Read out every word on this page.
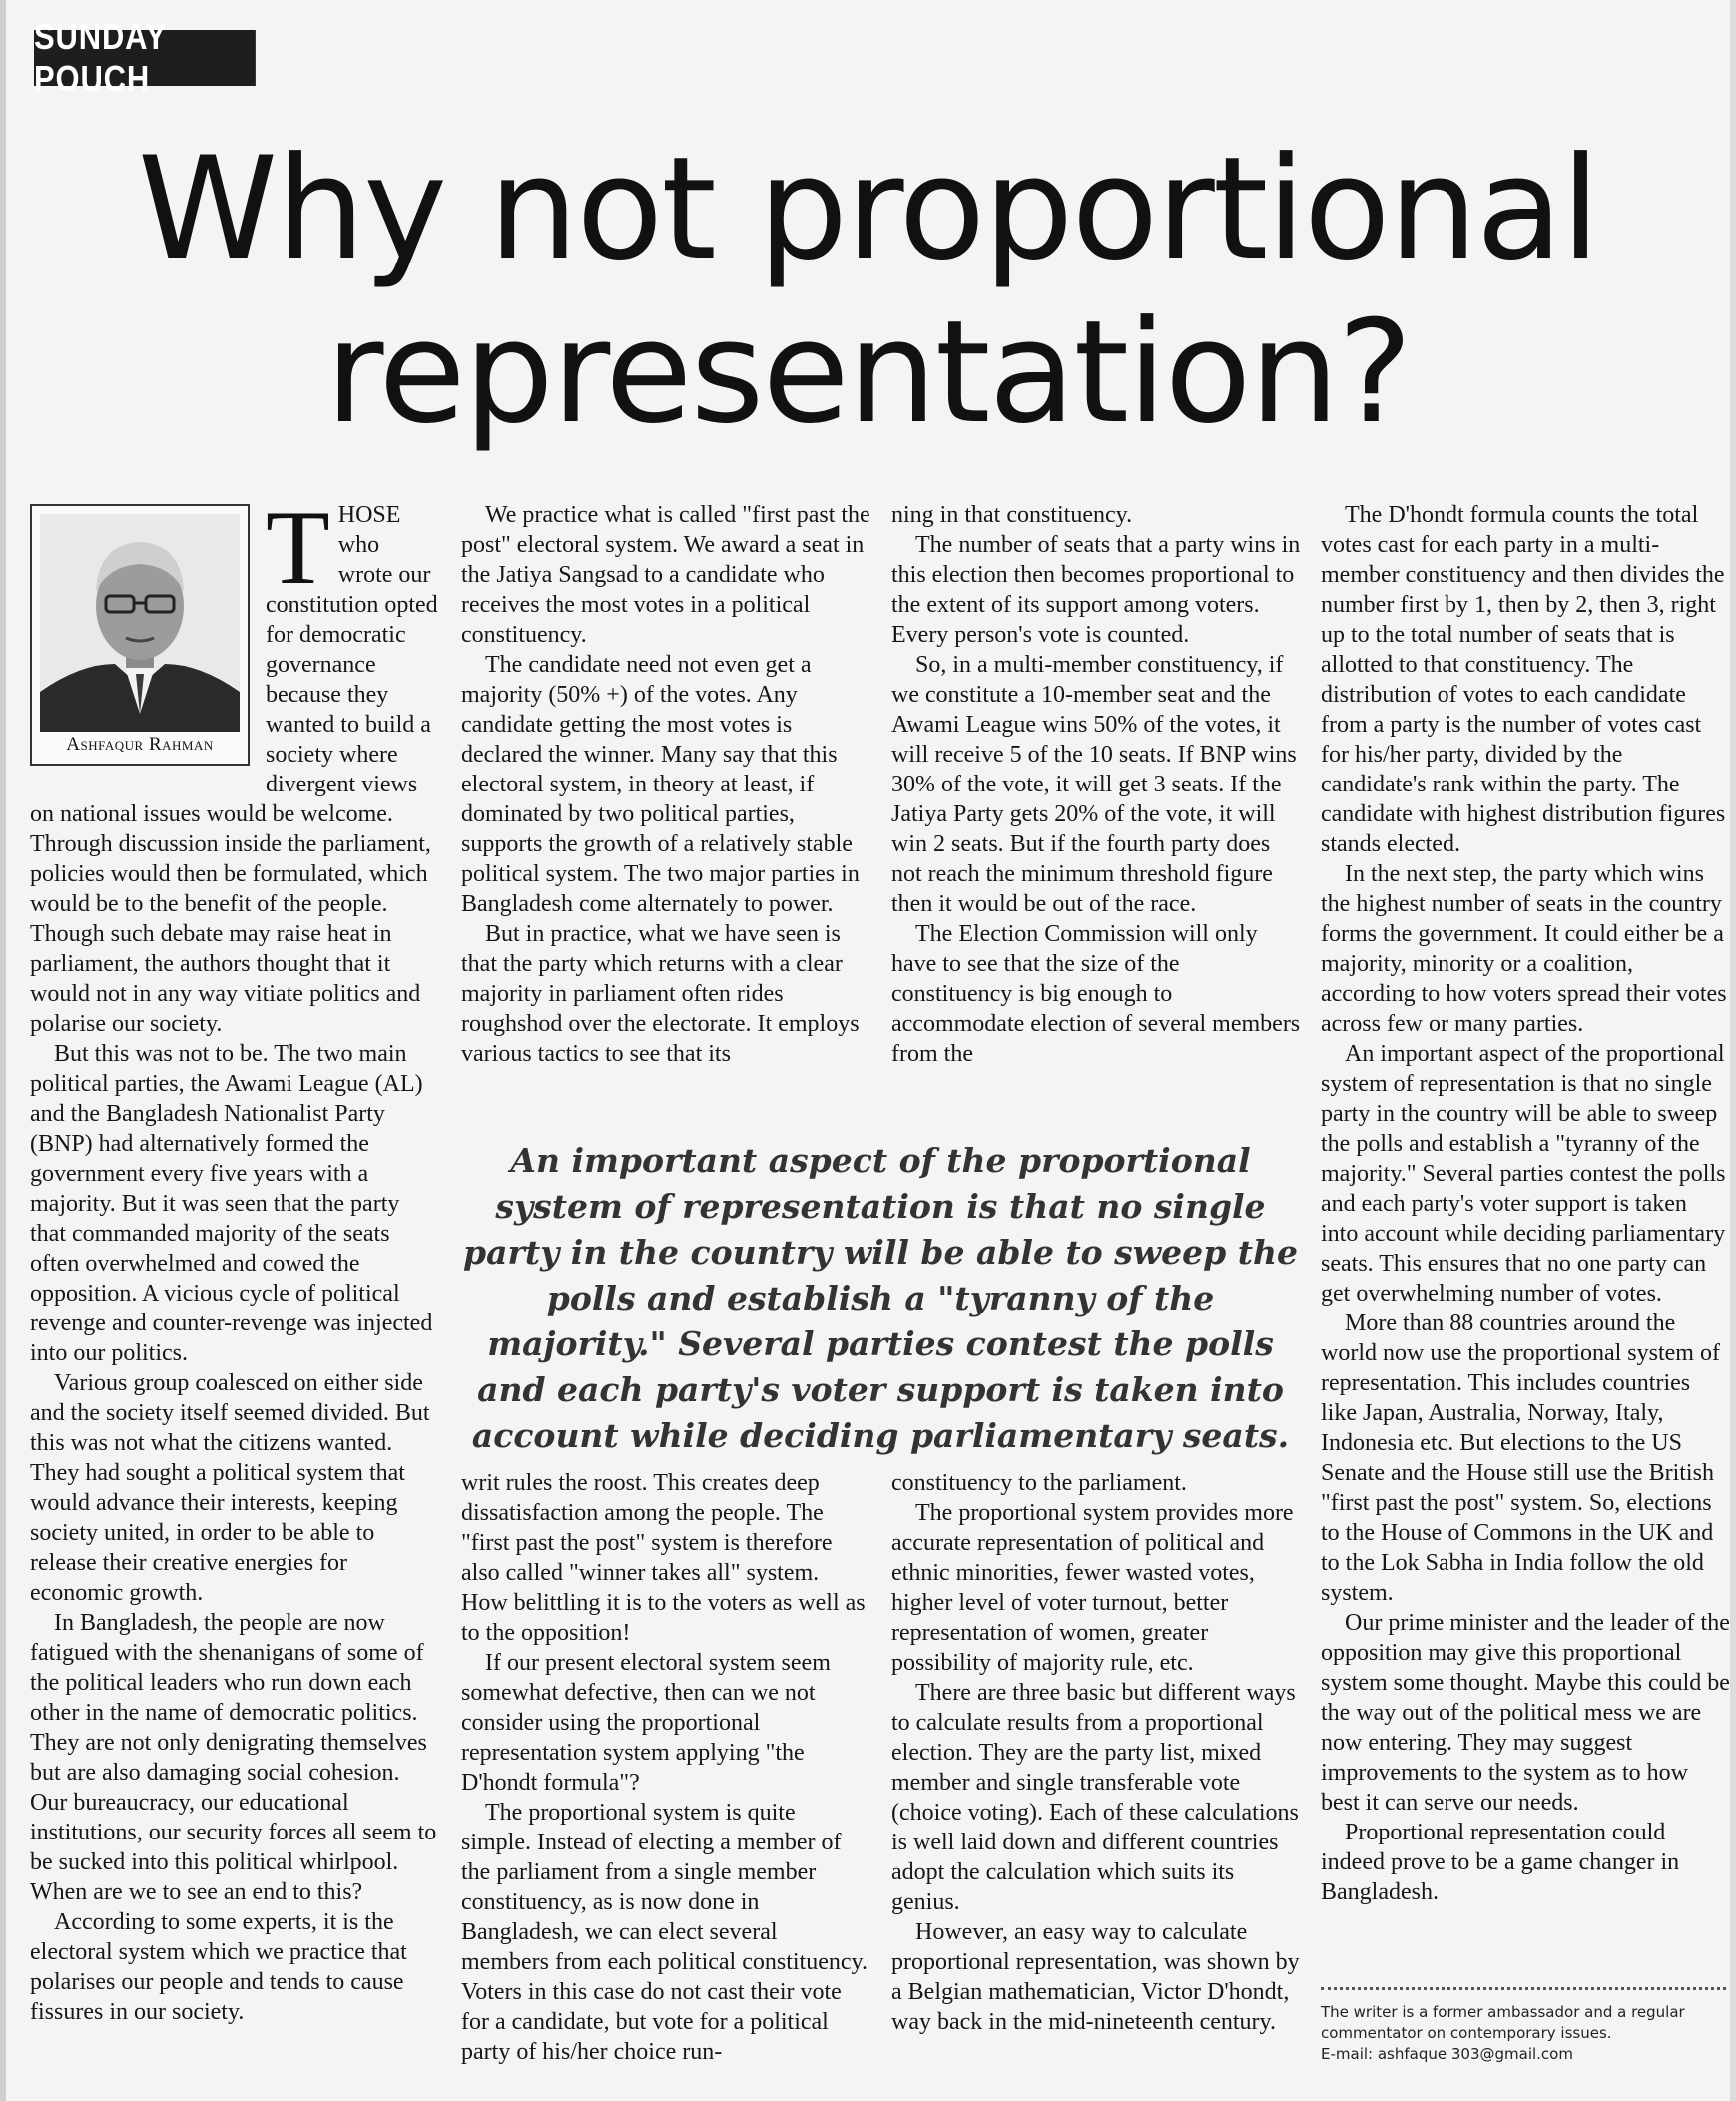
SUNDAY POUCH
Why not proportional
representation?
Ashfaqur Rahman
T HOSE who wrote our constitution opted for democratic governance because they wanted to build a society where divergent views on national issues would be welcome. Through discussion inside the parliament, policies would then be formulated, which would be to the benefit of the people. Though such debate may raise heat in parliament, the authors thought that it would not in any way vitiate politics and polarise our society.

But this was not to be. The two main political parties, the Awami League (AL) and the Bangladesh Nationalist Party (BNP) had alternatively formed the government every five years with a majority. But it was seen that the party that commanded majority of the seats often overwhelmed and cowed the opposition. A vicious cycle of political revenge and counter-revenge was injected into our politics.

Various group coalesced on either side and the society itself seemed divided. But this was not what the citizens wanted. They had sought a political system that would advance their interests, keeping society united, in order to be able to release their creative energies for economic growth.

In Bangladesh, the people are now fatigued with the shenanigans of some of the political leaders who run down each other in the name of democratic politics. They are not only denigrating themselves but are also damaging social cohesion. Our bureaucracy, our educational institutions, our security forces all seem to be sucked into this political whirlpool. When are we to see an end to this?

According to some experts, it is the electoral system which we practice that polarises our people and tends to cause fissures in our society.

We practice what is called "first past the post" electoral system. We award a seat in the Jatiya Sangsad to a candidate who receives the most votes in a political constituency.

The candidate need not even get a majority (50% +) of the votes. Any candidate getting the most votes is declared the winner. Many say that this electoral system, in theory at least, if dominated by two political parties, supports the growth of a relatively stable political system. The two major parties in Bangladesh come alternately to power.

But in practice, what we have seen is that the party which returns with a clear majority in parliament often rides roughshod over the electorate. It employs various tactics to see that its

ning in that constituency.

The number of seats that a party wins in this election then becomes proportional to the extent of its support among voters. Every person's vote is counted.

So, in a multi-member constituency, if we constitute a 10-member seat and the Awami League wins 50% of the votes, it will receive 5 of the 10 seats. If BNP wins 30% of the vote, it will get 3 seats. If the Jatiya Party gets 20% of the vote, it will win 2 seats. But if the fourth party does not reach the minimum threshold figure then it would be out of the race.

The Election Commission will only have to see that the size of the constituency is big enough to accommodate election of several members from the

An important aspect of the proportional system of representation is that no single party in the country will be able to sweep the polls and establish a "tyranny of the majority." Several parties contest the polls and each party's voter support is taken into account while deciding parliamentary seats.

writ rules the roost. This creates deep dissatisfaction among the people. The "first past the post" system is therefore also called "winner takes all" system. How belittling it is to the voters as well as to the opposition!

If our present electoral system seem somewhat defective, then can we not consider using the proportional representation system applying "the D'hondt formula"?

The proportional system is quite simple. Instead of electing a member of the parliament from a single member constituency, as is now done in Bangladesh, we can elect several members from each political constituency. Voters in this case do not cast their vote for a candidate, but vote for a political party of his/her choice run-

constituency to the parliament.

The proportional system provides more accurate representation of political and ethnic minorities, fewer wasted votes, higher level of voter turnout, better representation of women, greater possibility of majority rule, etc.

There are three basic but different ways to calculate results from a proportional election. They are the party list, mixed member and single transferable vote (choice voting). Each of these calculations is well laid down and different countries adopt the calculation which suits its genius.

However, an easy way to calculate proportional representation, was shown by a Belgian mathematician, Victor D'hondt, way back in the mid-nineteenth century.

The D'hondt formula counts the total votes cast for each party in a multi-member constituency and then divides the number first by 1, then by 2, then 3, right up to the total number of seats that is allotted to that constituency. The distribution of votes to each candidate from a party is the number of votes cast for his/her party, divided by the candidate's rank within the party. The candidate with highest distribution figures stands elected.

In the next step, the party which wins the highest number of seats in the country forms the government. It could either be a majority, minority or a coalition, according to how voters spread their votes across few or many parties.

An important aspect of the proportional system of representation is that no single party in the country will be able to sweep the polls and establish a "tyranny of the majority." Several parties contest the polls and each party's voter support is taken into account while deciding parliamentary seats. This ensures that no one party can get overwhelming number of votes.

More than 88 countries around the world now use the proportional system of representation. This includes countries like Japan, Australia, Norway, Italy, Indonesia etc. But elections to the US Senate and the House still use the British "first past the post" system. So, elections to the House of Commons in the UK and to the Lok Sabha in India follow the old system.

Our prime minister and the leader of the opposition may give this proportional system some thought. Maybe this could be the way out of the political mess we are now entering. They may suggest improvements to the system as to how best it can serve our needs.

Proportional representation could indeed prove to be a game changer in Bangladesh.

The writer is a former ambassador and a regular
commentator on contemporary issues.
E-mail: ashfaque 303@gmail.com
